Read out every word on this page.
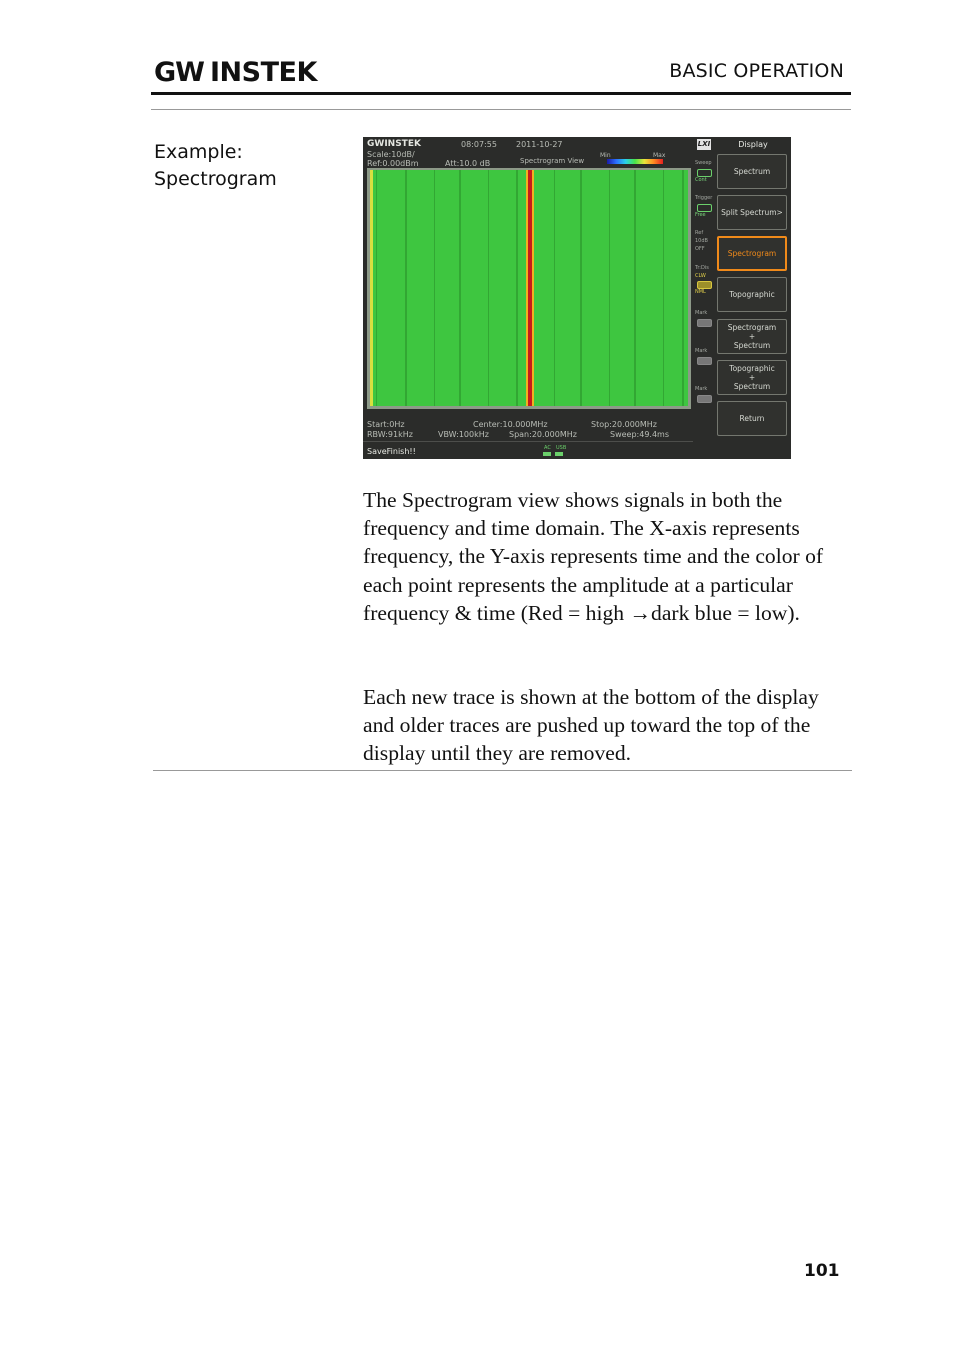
GW INSTEK	BASIC OPERATION
Example:
Spectrogram
GWINSTEK	08:07:55 2011-10-27
Scale:10dB/
Ref:0.00dBm	Att:10.0 dB	Spectrogram View
Min	Max
LXI	Display
Sweep
Cont
Trigger
Free
Ref
10dB
OFF
Tr:Dis
CLW
NML
Mark
Mark
Mark
Spectrum
Split Spectrum>
Spectrogram
Topographic
Spectrogram
+
Spectrum
Topographic
+
Spectrum
Return
Start:0Hz	Center:10.000MHz	Stop:20.000MHz
RBW:91kHz	VBW:100kHz	Span:20.000MHz	Sweep:49.4ms
SaveFinish!!	AC USB

The Spectrogram view shows signals in both the frequency and time domain. The X-axis represents frequency, the Y-axis represents time and the color of each point represents the amplitude at a particular frequency & time (Red = high →dark blue = low).

Each new trace is shown at the bottom of the display and older traces are pushed up toward the top of the display until they are removed.

101
